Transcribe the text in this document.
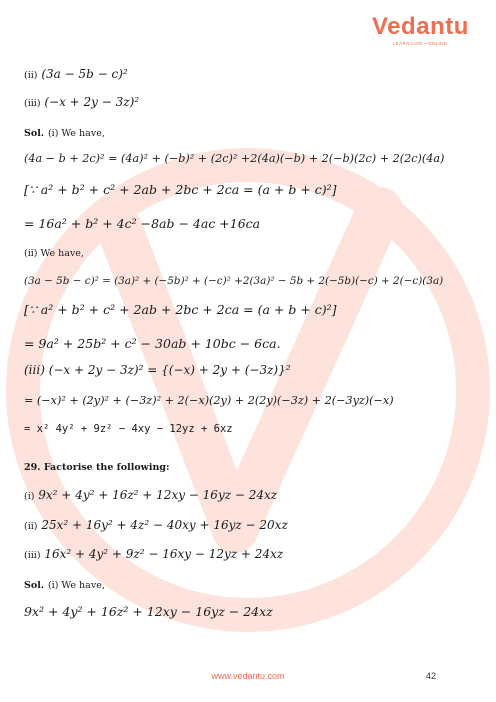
Vedantu
LEARN LIVE • ONLINE
(ii) (3a − 5b − c)²
(iii) (−x + 2y − 3z)²
Sol. (i) We have,
(4a − b + 2c)² = (4a)² + (−b)² + (2c)² +2(4a)(−b) + 2(−b)(2c) + 2(2c)(4a)
[∵ a² + b² + c² + 2ab + 2bc + 2ca = (a + b + c)²]
= 16a² + b² + 4c² −8ab − 4ac +16ca
(ii) We have,
(3a − 5b − c)² = (3a)² + (−5b)² + (−c)² +2(3a)² − 5b + 2(−5b)(−c) + 2(−c)(3a)
[∵ a² + b² + c² + 2ab + 2bc + 2ca = (a + b + c)²]
= 9a² + 25b² + c² − 30ab + 10bc − 6ca.
(iii) (−x + 2y − 3z)² = {(−x) + 2y + (−3z)}²
= (−x)² + (2y)² + (−3z)² + 2(−x)(2y) + 2(2y)(−3z) + 2(−3yz)(−x)
= x² 4y² + 9z² − 4xy − 12yz + 6xz
29. Factorise the following:
(i) 9x² + 4y² + 16z² + 12xy − 16yz − 24xz
(ii) 25x² + 16y² + 4z² − 40xy + 16yz − 20xz
(iii) 16x² + 4y² + 9z² − 16xy − 12yz + 24xz
Sol. (i) We have,
9x² + 4y² + 16z² + 12xy − 16yz − 24xz
www.vedantu.com	42
